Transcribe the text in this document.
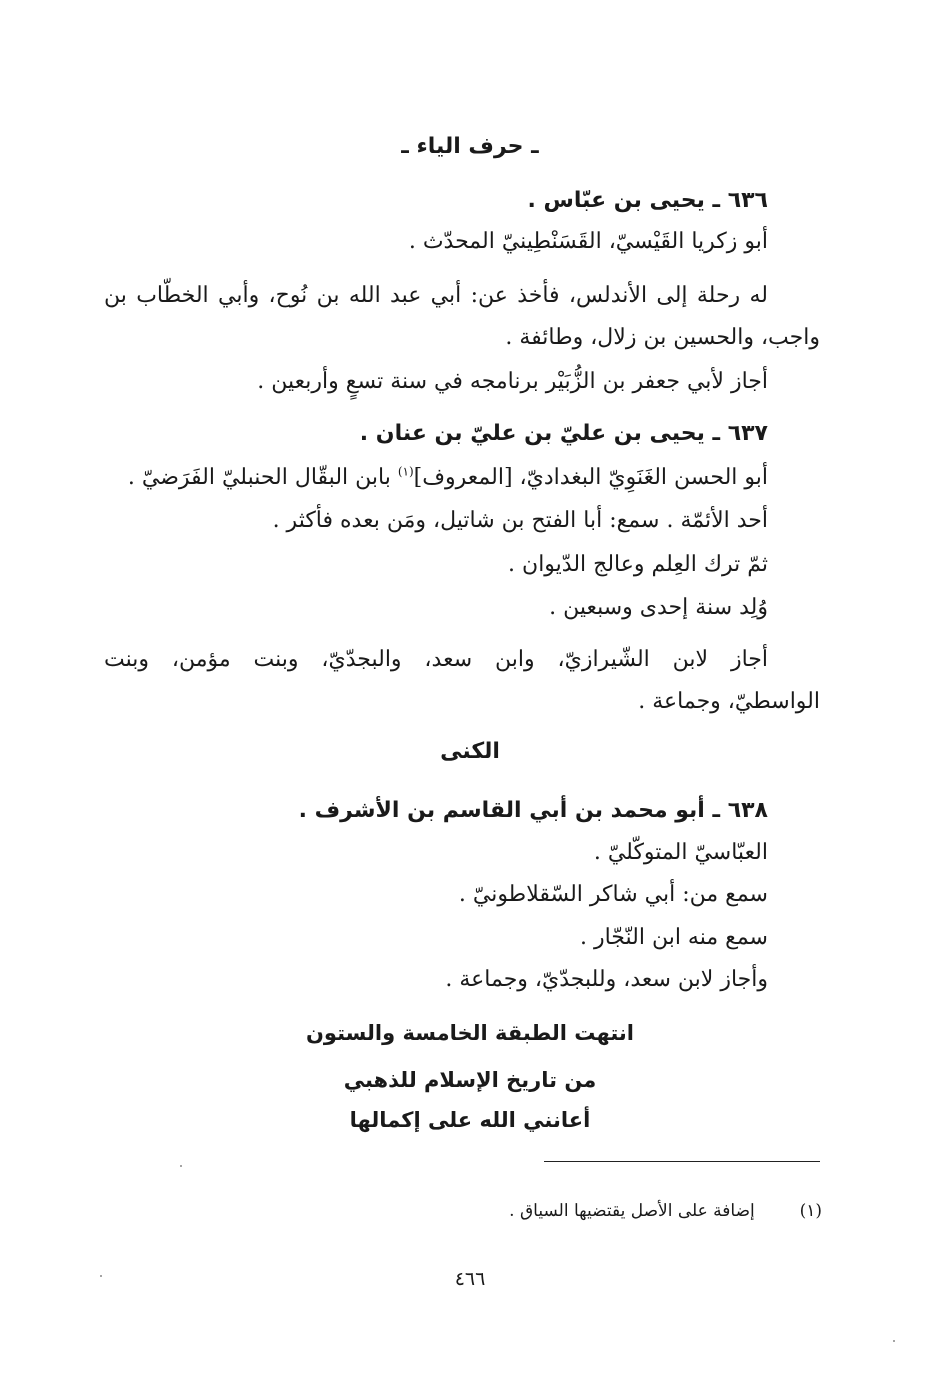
ـ حرف الياء ـ
٦٣٦ ـ يحيى بن عبّاس .
أبو زكريا القَيْسيّ، القَسَنْطِينيّ المحدّث .
له رحلة إلى الأندلس، فأخذ عن: أبي عبد الله بن نُوح، وأبي الخطّاب بن
واجب، والحسين بن زلال، وطائفة .
أجاز لأبي جعفر بن الزُّبَيْر برنامجه في سنة تسعٍ وأربعين .
٦٣٧ ـ يحيى بن عليّ بن عليّ بن عنان .
أبو الحسن الغَنَوِيّ البغداديّ، [المعروف]$^{(١)}$ بابن البقّال الحنبليّ الفَرَضيّ .
أحد الأئمّة . سمع: أبا الفتح بن شاتيل، ومَن بعده فأكثر .
ثمّ ترك العِلم وعالج الدّيوان .
وُلِد سنة إحدى وسبعين .
أجاز لابن الشّيرازيّ، وابن سعد، والبجدّيّ، وبنت مؤمن، وبنت
الواسطيّ، وجماعة .
الكنى
٦٣٨ ـ أبو محمد بن أبي القاسم بن الأشرف .
العبّاسيّ المتوكّليّ .
سمع من: أبي شاكر السّقلاطونيّ .
سمع منه ابن النّجّار .
وأجاز لابن سعد، وللبجدّيّ، وجماعة .
انتهت الطبقة الخامسة والستون
من تاريخ الإسلام للذهبي
أعانني الله على إكمالها
(١)  إضافة على الأصل يقتضيها السياق .
٤٦٦
